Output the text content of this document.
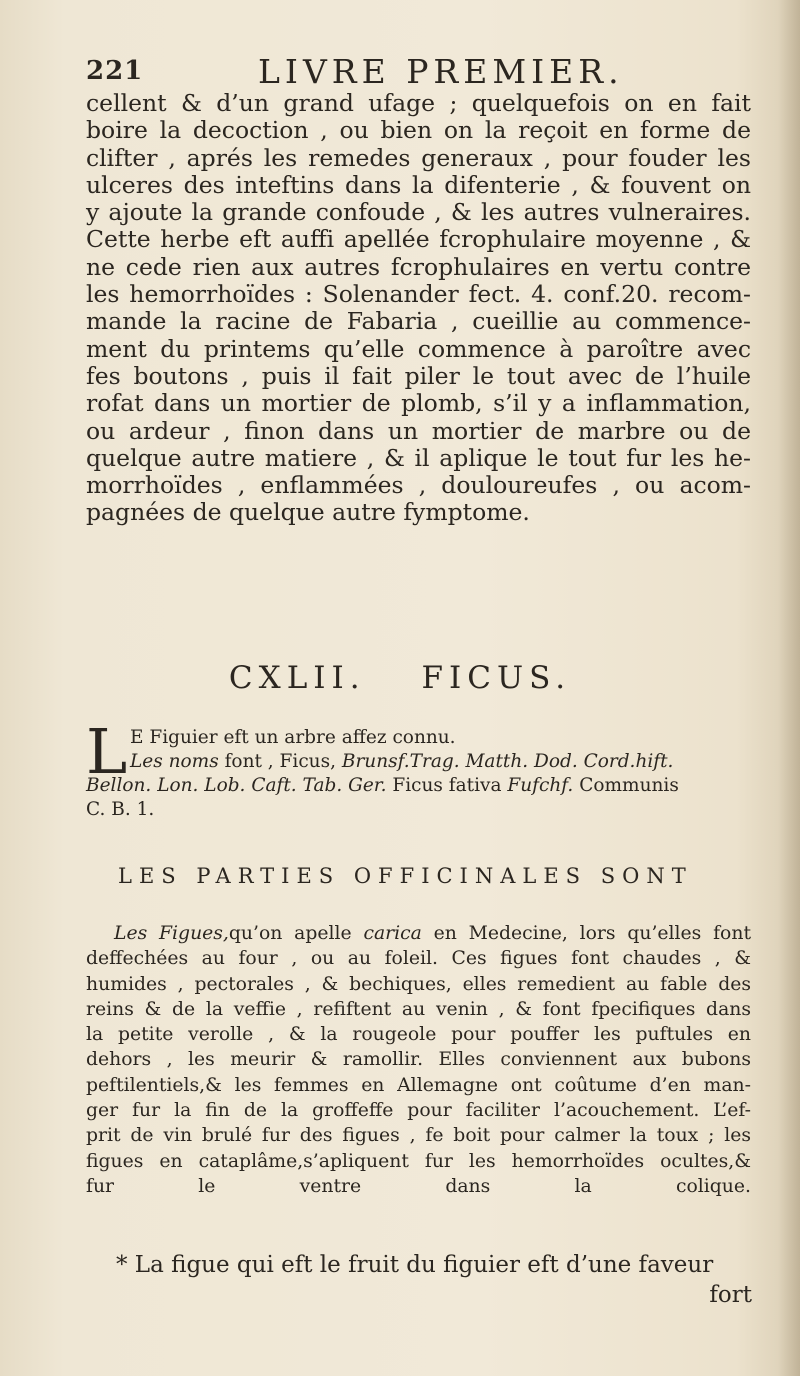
221	LIVRE PREMIER.
cellent & d’un grand ufage ; quelquefois on en fait
boire la decoction , ou bien on la reçoit en forme de
clifter , aprés les remedes generaux , pour fouder les
ulceres des inteftins dans la difenterie , & fouvent on
y ajoute la grande confoude , & les autres vulneraires.
Cette herbe eft auffi apellée fcrophulaire moyenne , &
ne cede rien aux autres fcrophulaires en vertu contre
les hemorrhoïdes : Solenander fect. 4. conf.20. recom-
mande la racine de Fabaria , cueillie au commence-
ment du printems qu’elle commence à paroître avec
fes boutons , puis il fait piler le tout avec de l’huile
rofat dans un mortier de plomb, s’il y a inflammation,
ou ardeur , finon dans un mortier de marbre ou de
quelque autre matiere , & il aplique le tout fur les he-
morrhoïdes , enflammées , douloureufes , ou acom-
pagnées de quelque autre fymptome.
CXLII. FICUS.
L E Figuier eft un arbre affez connu.
Les noms font , Ficus, Brunsf.Trag. Matth. Dod. Cord.hift.
Bellon. Lon. Lob. Caft. Tab. Ger. Ficus fativa Fufchf. Communis
C. B. 1.
LES PARTIES OFFICINALES SONT
Les Figues,qu’on apelle carica en Medecine, lors qu’elles font
deffechées au four , ou au foleil. Ces figues font chaudes , &
humides , pectorales , & bechiques, elles remedient au fable des
reins & de la veffie , refiftent au venin , & font fpecifiques dans
la petite verolle , & la rougeole pour pouffer les puftules en
dehors , les meurir & ramollir. Elles conviennent aux bubons
peftilentiels,& les femmes en Allemagne ont coûtume d’en man-
ger fur la fin de la groffeffe pour faciliter l’acouchement. L’ef-
prit de vin brulé fur des figues , fe boit pour calmer la toux ; les
figues en cataplâme,s’apliquent fur les hemorrhoïdes ocultes,&
fur le ventre dans la colique.
* La figue qui eft le fruit du figuier eft d’une faveur
fort
